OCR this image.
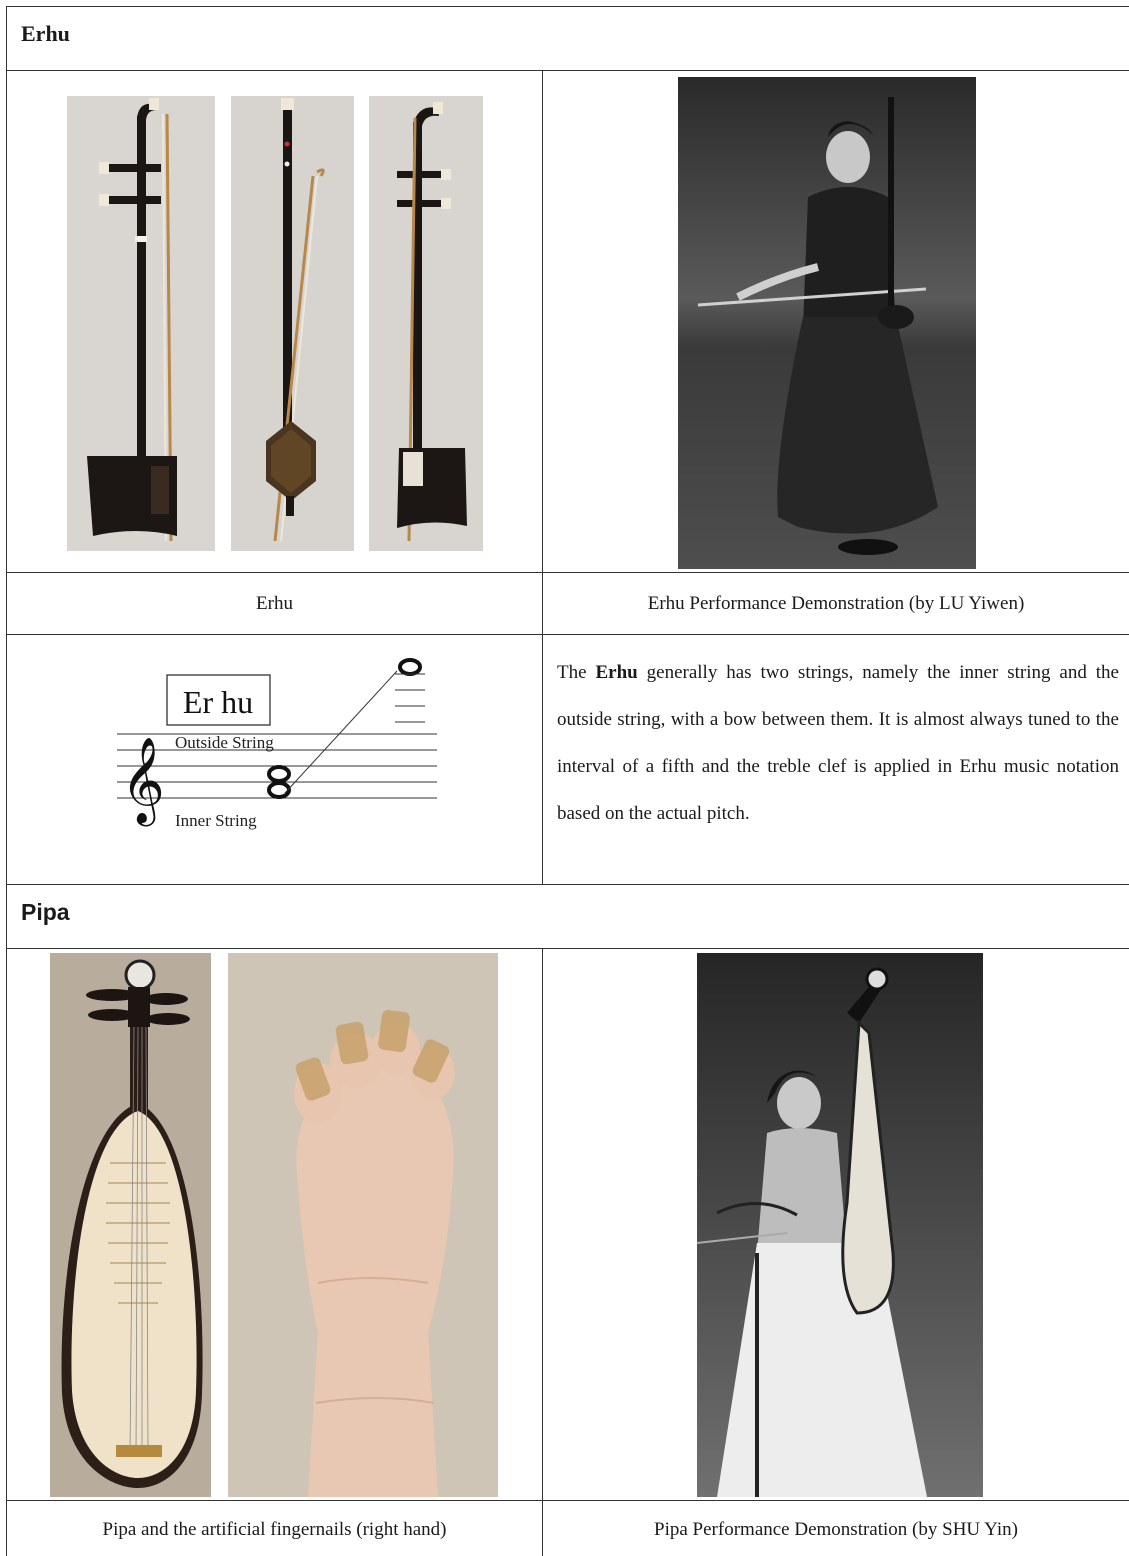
Erhu
Erhu	Erhu Performance Demonstration (by LU Yiwen)
Er hu
𝄞 Outside String
Inner String
The Erhu generally has two strings, namely the inner string and the outside string, with a bow between them. It is almost always tuned to the interval of a fifth and the treble clef is applied in Erhu music notation based on the actual pitch.
Pipa
Pipa and the artificial fingernails (right hand)	Pipa Performance Demonstration (by SHU Yin)
